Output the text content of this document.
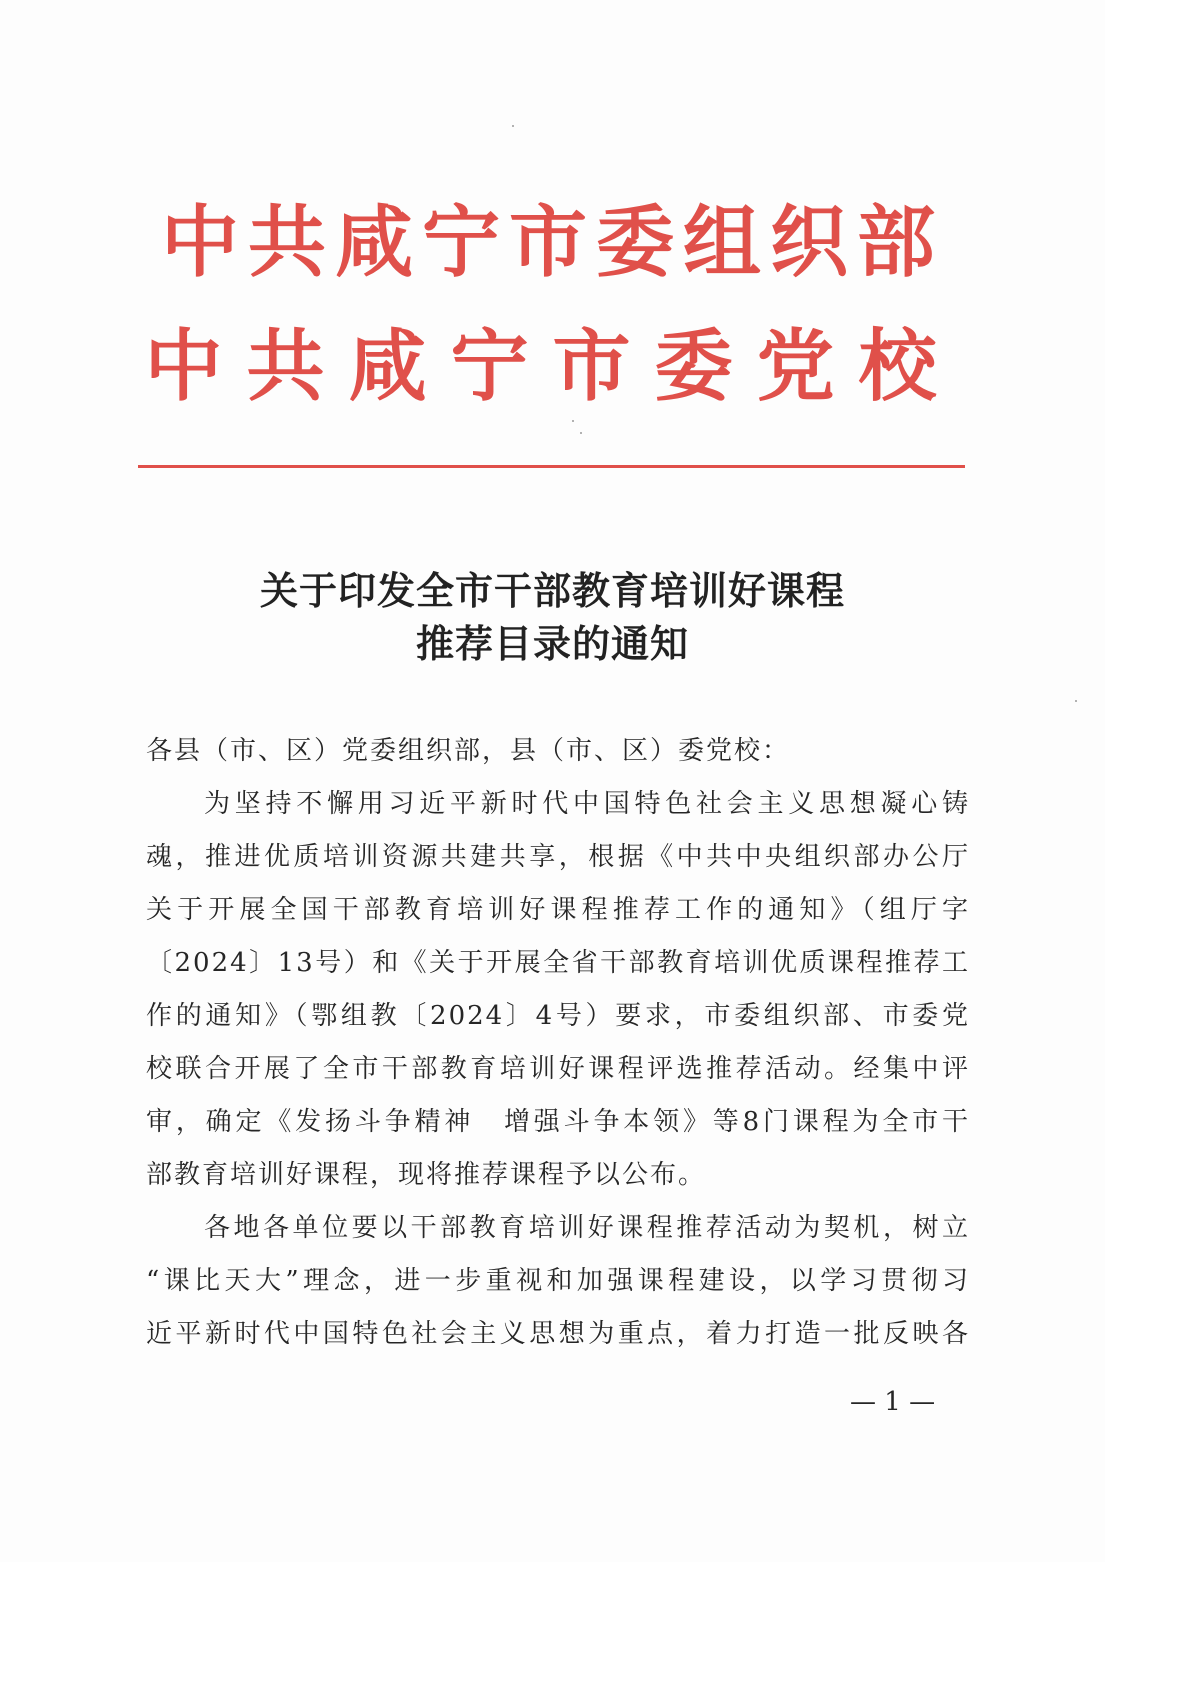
中共咸宁市委组织部
中共咸宁市委党校
关于印发全市干部教育培训好课程
推荐目录的通知
各县（市、区）党委组织部，县（市、区）委党校：
为坚持不懈用习近平新时代中国特色社会主义思想凝心铸
魂，推进优质培训资源共建共享，根据《中共中央组织部办公厅
关于开展全国干部教育培训好课程推荐工作的通知》（组厅字
〔2024〕13号）和《关于开展全省干部教育培训优质课程推荐工
作的通知》（鄂组教〔2024〕4号）要求，市委组织部、市委党
校联合开展了全市干部教育培训好课程评选推荐活动。经集中评
审，确定《发扬斗争精神　增强斗争本领》等8门课程为全市干
部教育培训好课程，现将推荐课程予以公布。
各地各单位要以干部教育培训好课程推荐活动为契机，树立
“课比天大”理念，进一步重视和加强课程建设，以学习贯彻习
近平新时代中国特色社会主义思想为重点，着力打造一批反映各
— 1 —
